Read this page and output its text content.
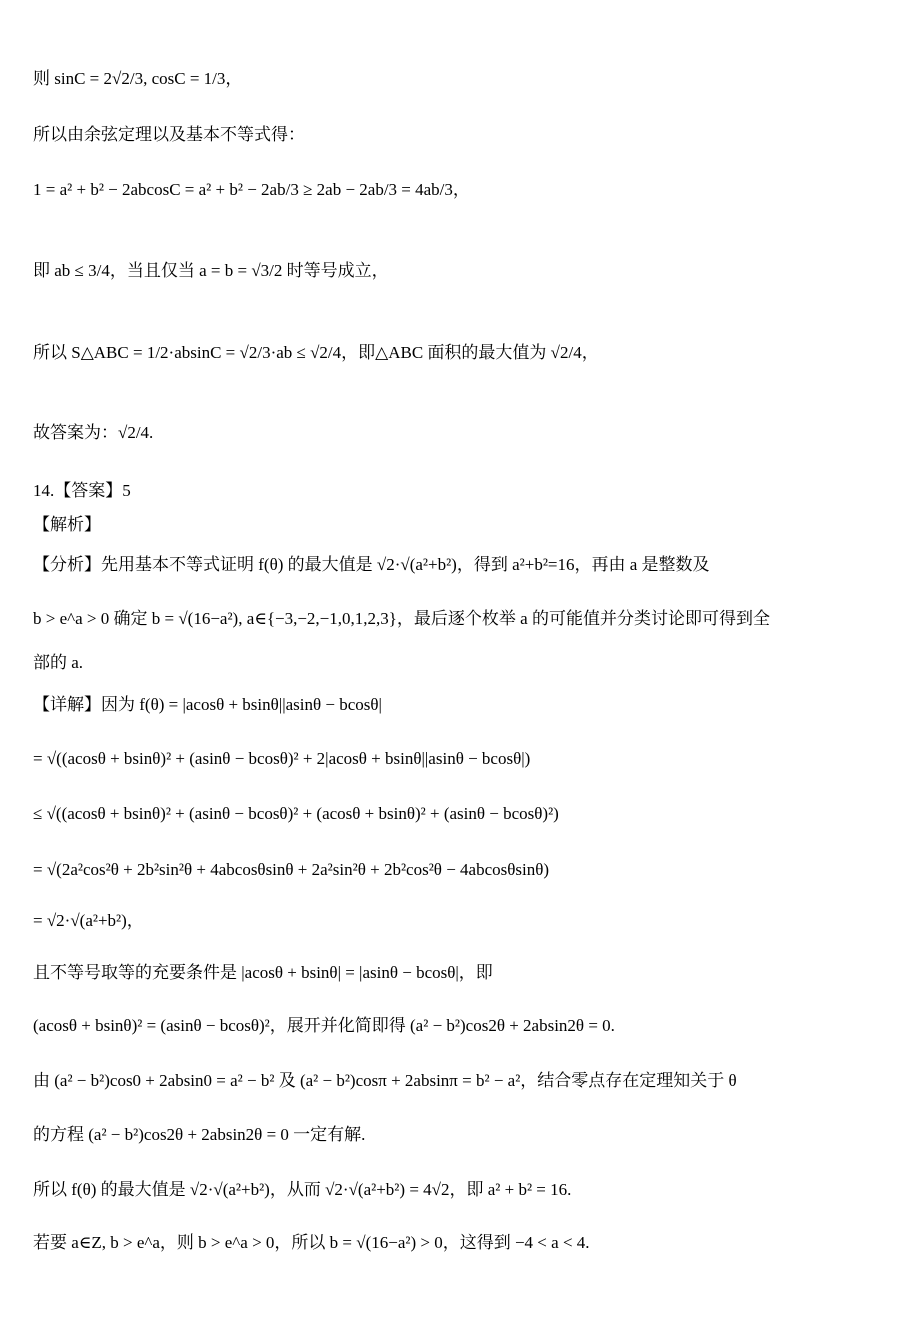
则 sinC = 2√2/3, cosC = 1/3，
所以由余弦定理以及基本不等式得：
1 = a² + b² − 2abcosC = a² + b² − 2ab/3 ≥ 2ab − 2ab/3 = 4ab/3，
即 ab ≤ 3/4，当且仅当 a = b = √3/2 时等号成立，
所以 S△ABC = 1/2·absinC = √2/3·ab ≤ √2/4，即△ABC 面积的最大值为 √2/4，
故答案为：√2/4.
14.【答案】5
【解析】
【分析】先用基本不等式证明 f(θ) 的最大值是 √2·√(a²+b²)，得到 a²+b²=16，再由 a 是整数及
b > e^a > 0 确定 b = √(16−a²), a∈{−3,−2,−1,0,1,2,3}，最后逐个枚举 a 的可能值并分类讨论即可得到全
部的 a.
【详解】因为 f(θ) = |acosθ + bsinθ||asinθ − bcosθ|
= √((acosθ + bsinθ)² + (asinθ − bcosθ)² + 2|acosθ + bsinθ||asinθ − bcosθ|)
≤ √((acosθ + bsinθ)² + (asinθ − bcosθ)² + (acosθ + bsinθ)² + (asinθ − bcosθ)²)
= √(2a²cos²θ + 2b²sin²θ + 4abcosθsinθ + 2a²sin²θ + 2b²cos²θ − 4abcosθsinθ)
= √2·√(a²+b²)，
且不等号取等的充要条件是 |acosθ + bsinθ| = |asinθ − bcosθ|，即
(acosθ + bsinθ)² = (asinθ − bcosθ)²，展开并化简即得 (a² − b²)cos2θ + 2absin2θ = 0.
由 (a² − b²)cos0 + 2absin0 = a² − b² 及 (a² − b²)cosπ + 2absinπ = b² − a²，结合零点存在定理知关于 θ
的方程 (a² − b²)cos2θ + 2absin2θ = 0 一定有解.
所以 f(θ) 的最大值是 √2·√(a²+b²)，从而 √2·√(a²+b²) = 4√2，即 a² + b² = 16.
若要 a∈Z, b > e^a，则 b > e^a > 0，所以 b = √(16−a²) > 0，这得到 −4 < a < 4.
